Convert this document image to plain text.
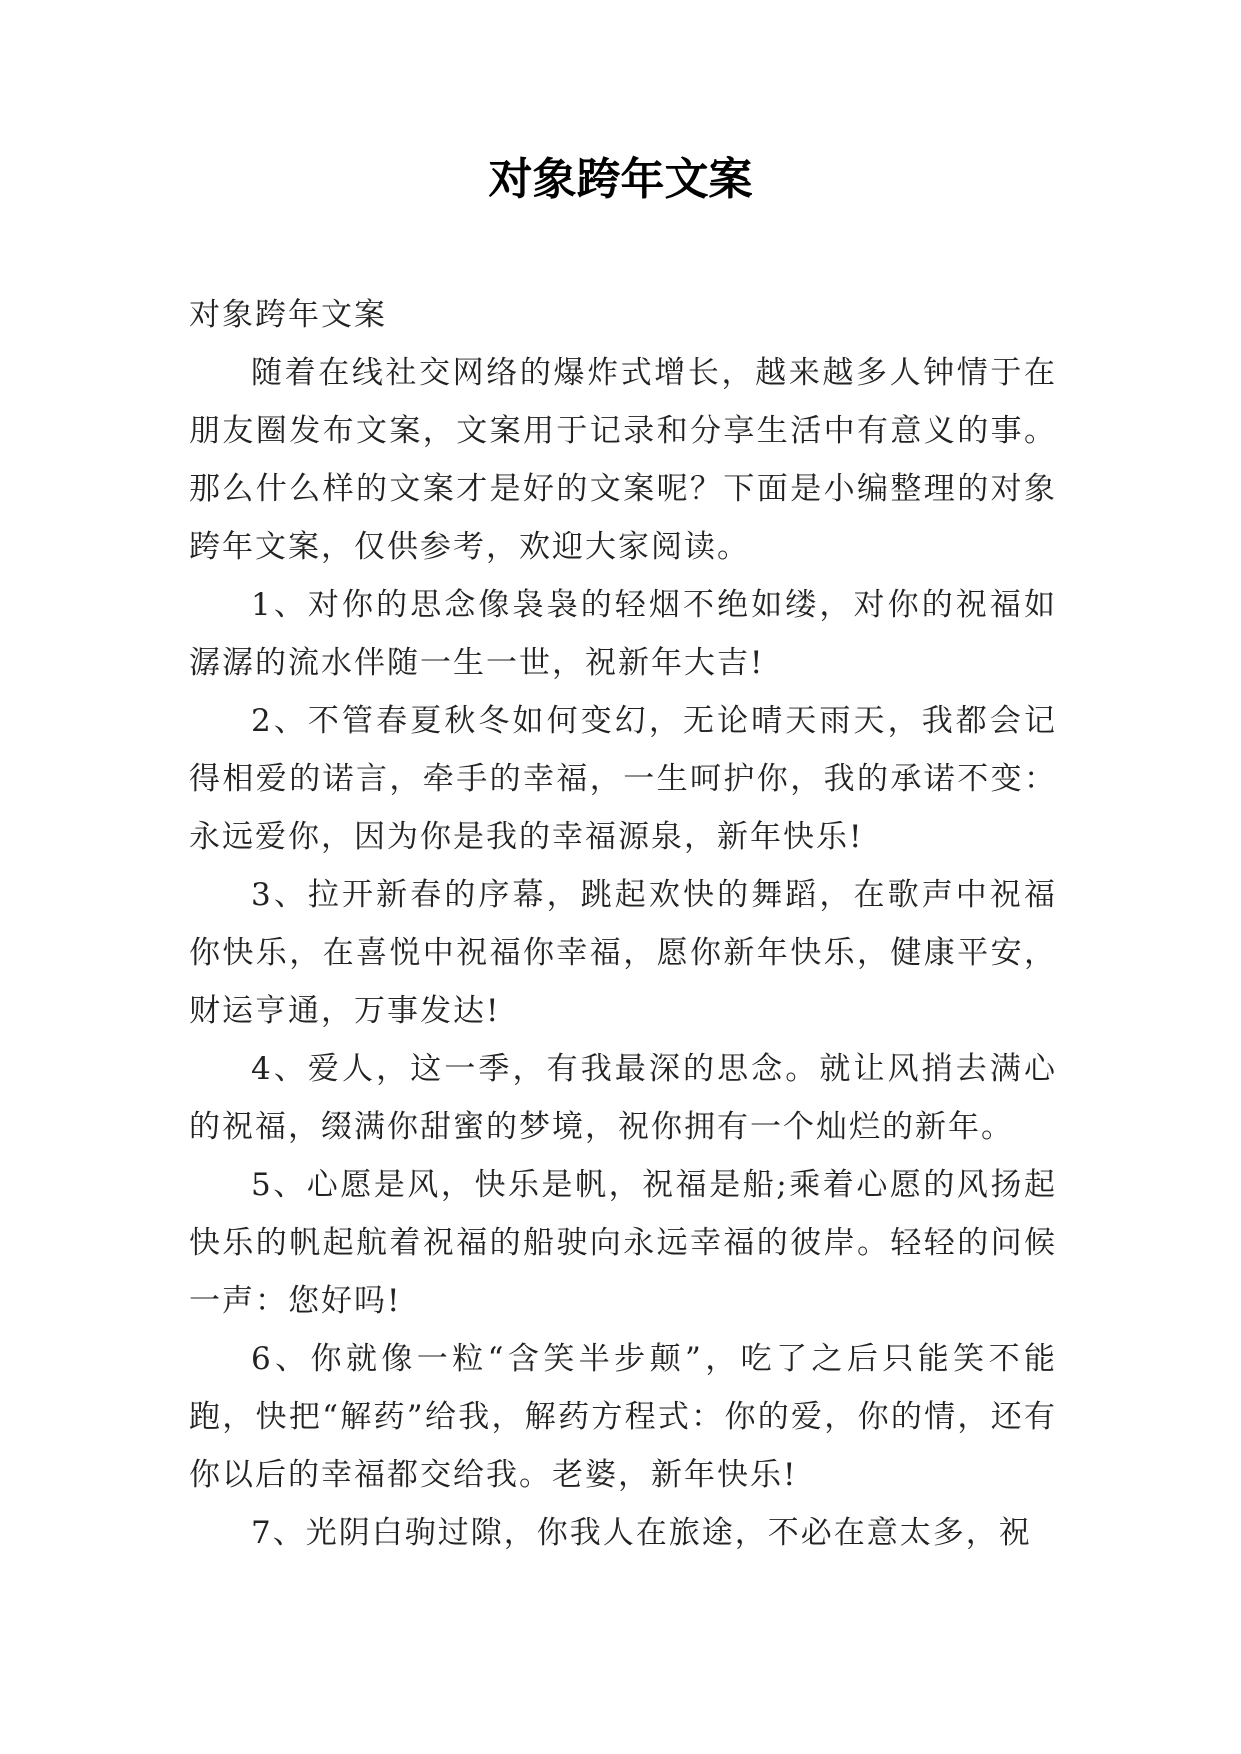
对象跨年文案

对象跨年文案

随着在线社交网络的爆炸式增长，越来越多人钟情于在朋友圈发布文案，文案用于记录和分享生活中有意义的事。那么什么样的文案才是好的文案呢？下面是小编整理的对象跨年文案，仅供参考，欢迎大家阅读。

1、对你的思念像袅袅的轻烟不绝如缕，对你的祝福如潺潺的流水伴随一生一世，祝新年大吉!

2、不管春夏秋冬如何变幻，无论晴天雨天，我都会记得相爱的诺言，牵手的幸福，一生呵护你，我的承诺不变：永远爱你，因为你是我的幸福源泉，新年快乐!

3、拉开新春的序幕，跳起欢快的舞蹈，在歌声中祝福你快乐，在喜悦中祝福你幸福，愿你新年快乐，健康平安，财运亨通，万事发达!

4、爱人，这一季，有我最深的思念。就让风捎去满心的祝福，缀满你甜蜜的梦境，祝你拥有一个灿烂的新年。

5、心愿是风，快乐是帆，祝福是船;乘着心愿的风扬起快乐的帆起航着祝福的船驶向永远幸福的彼岸。轻轻的问候一声：您好吗!

6、你就像一粒“含笑半步颠”，吃了之后只能笑不能跑，快把“解药”给我，解药方程式：你的爱，你的情，还有你以后的幸福都交给我。老婆，新年快乐!

7、光阴白驹过隙，你我人在旅途，不必在意太多，祝
